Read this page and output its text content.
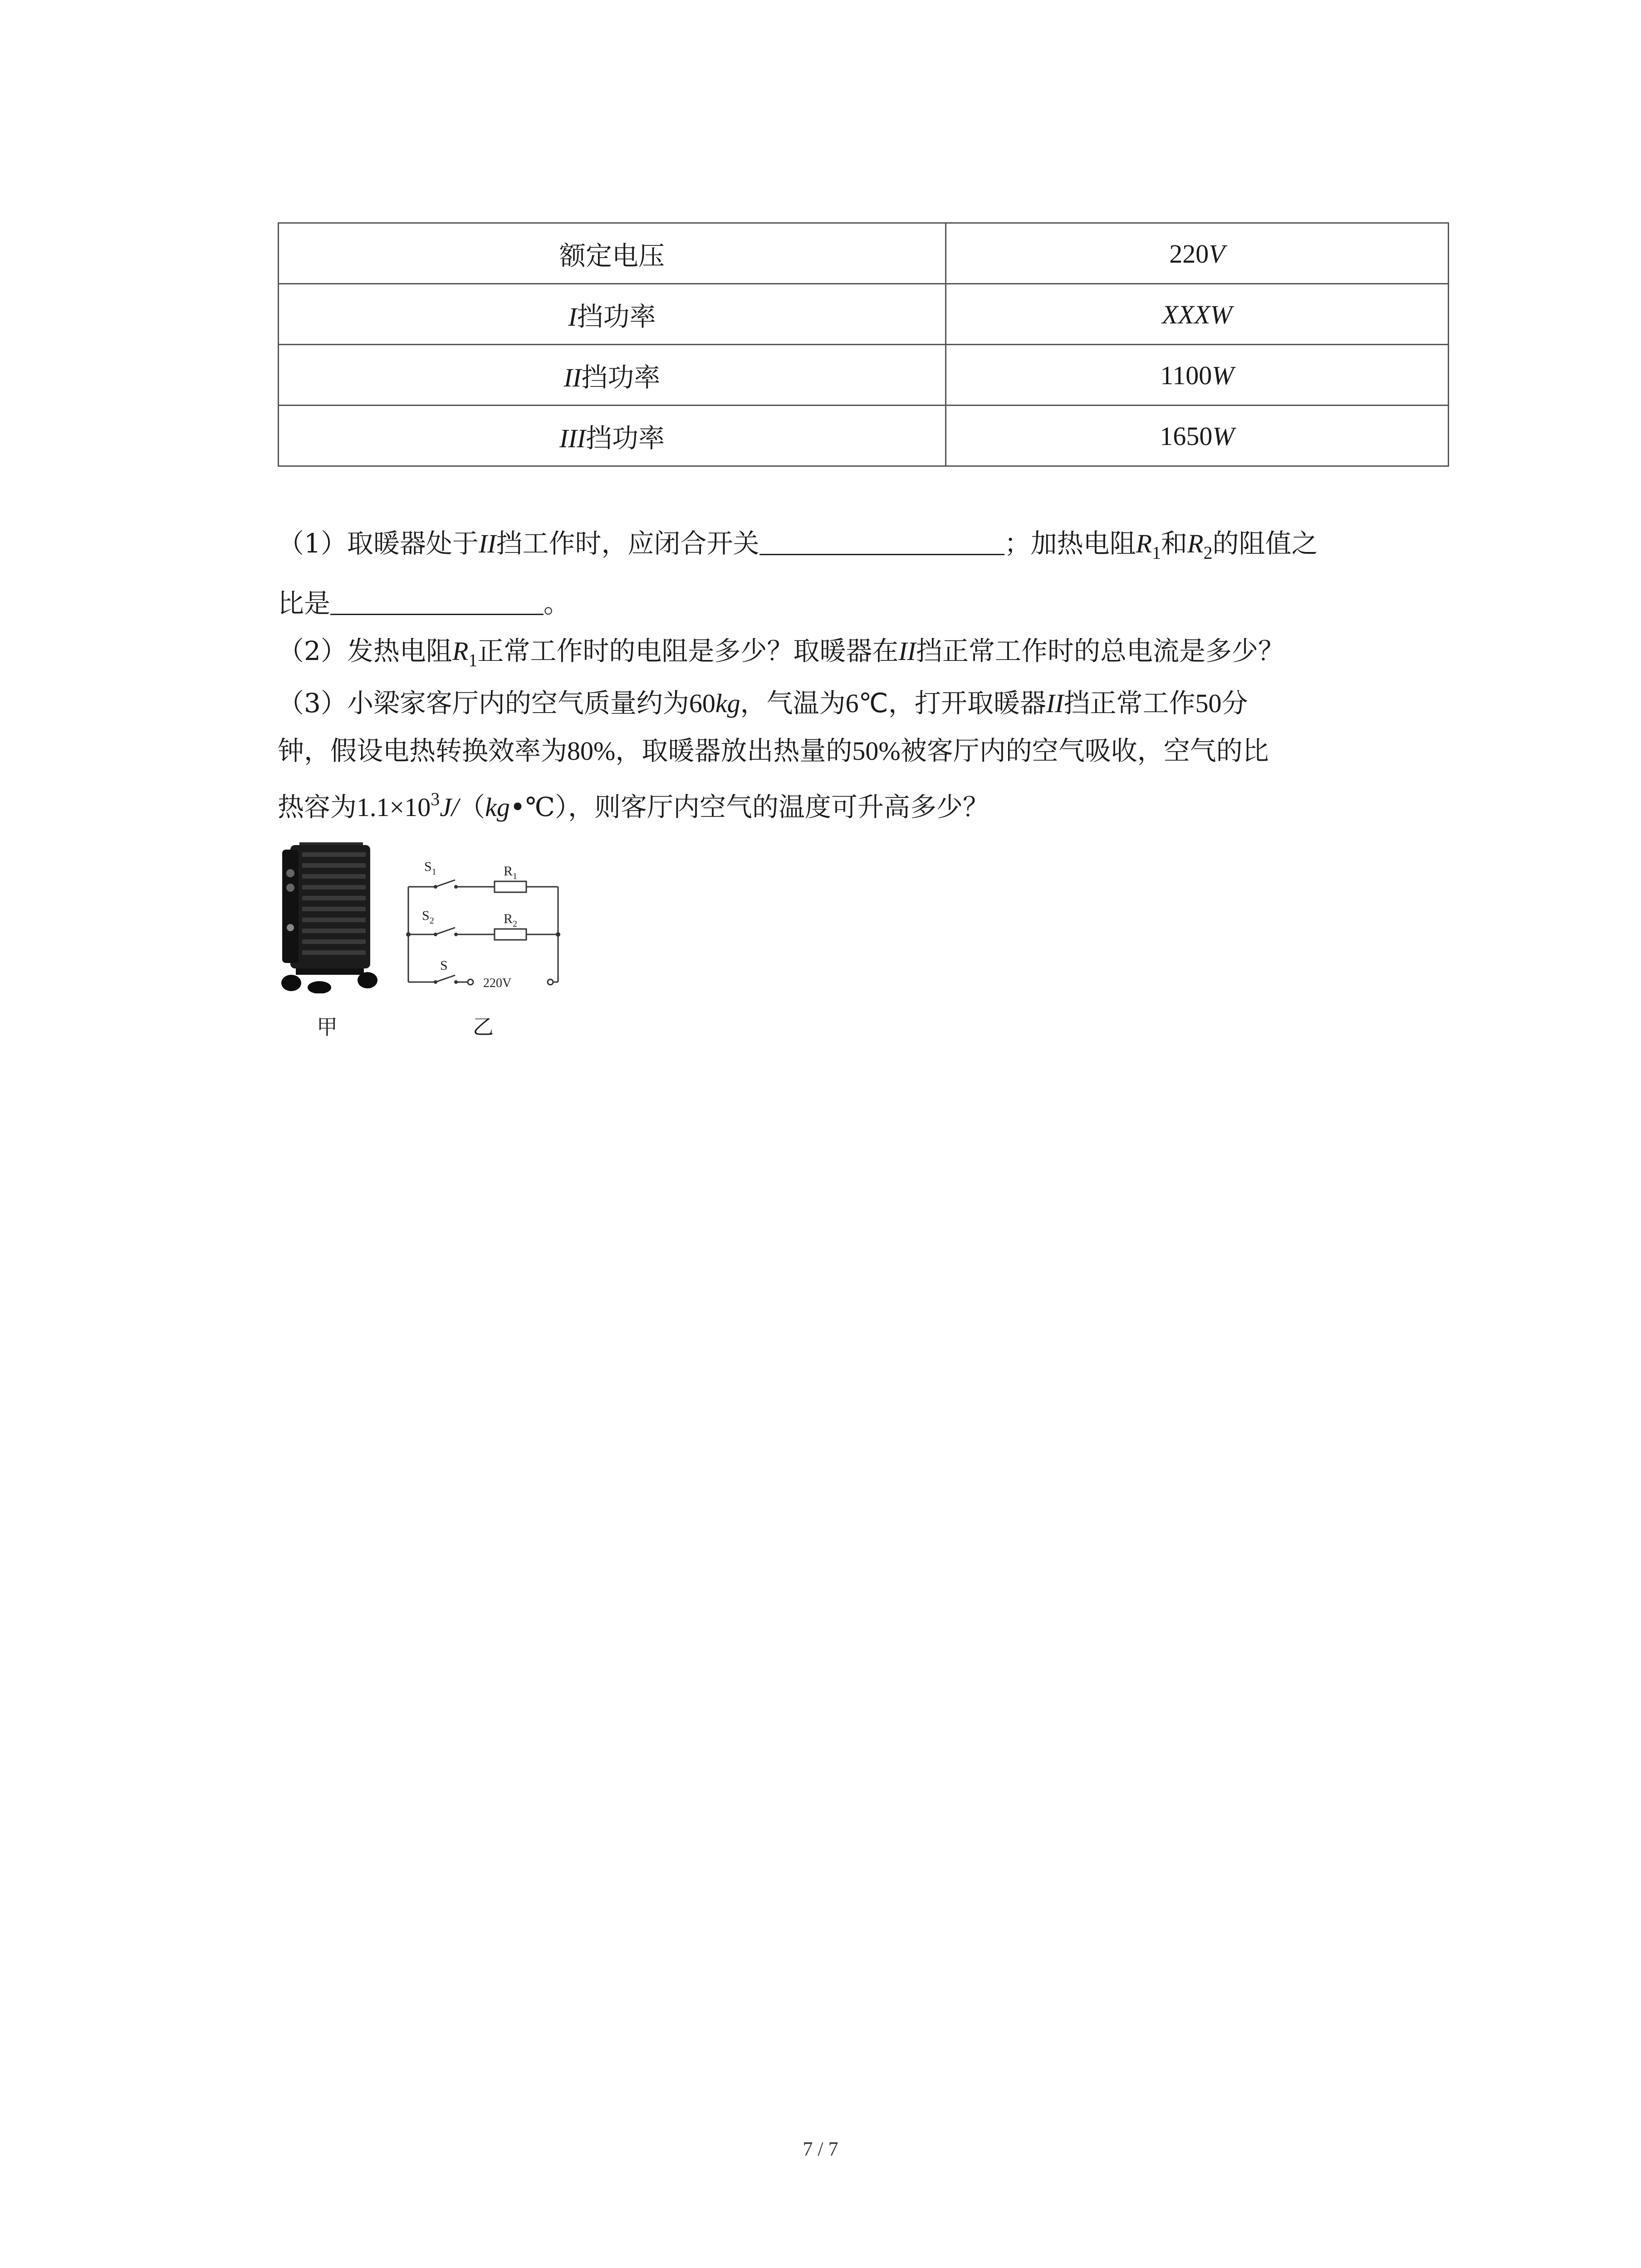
额定电压	220V
I挡功率	XXXW
II挡功率	1100W
III挡功率	1650W
（1）取暖器处于II挡工作时，应闭合开关	；加热电阻$R_1$和$R_2$的阻值之
比是	。
（2）发热电阻$R_1$正常工作时的电阻是多少？取暖器在II挡正常工作时的总电流是多少？
（3）小梁家客厅内的空气质量约为60kg，气温为6℃，打开取暖器II挡正常工作50分
钟，假设电热转换效率为80%，取暖器放出热量的50%被客厅内的空气吸收，空气的比
热容为$1.1\times 10^3J/(kg•℃)$，则客厅内空气的温度可升高多少？
$S_1$	$R_1$
$S_2$	$R_2$
S
220V
甲	乙
7 / 7
